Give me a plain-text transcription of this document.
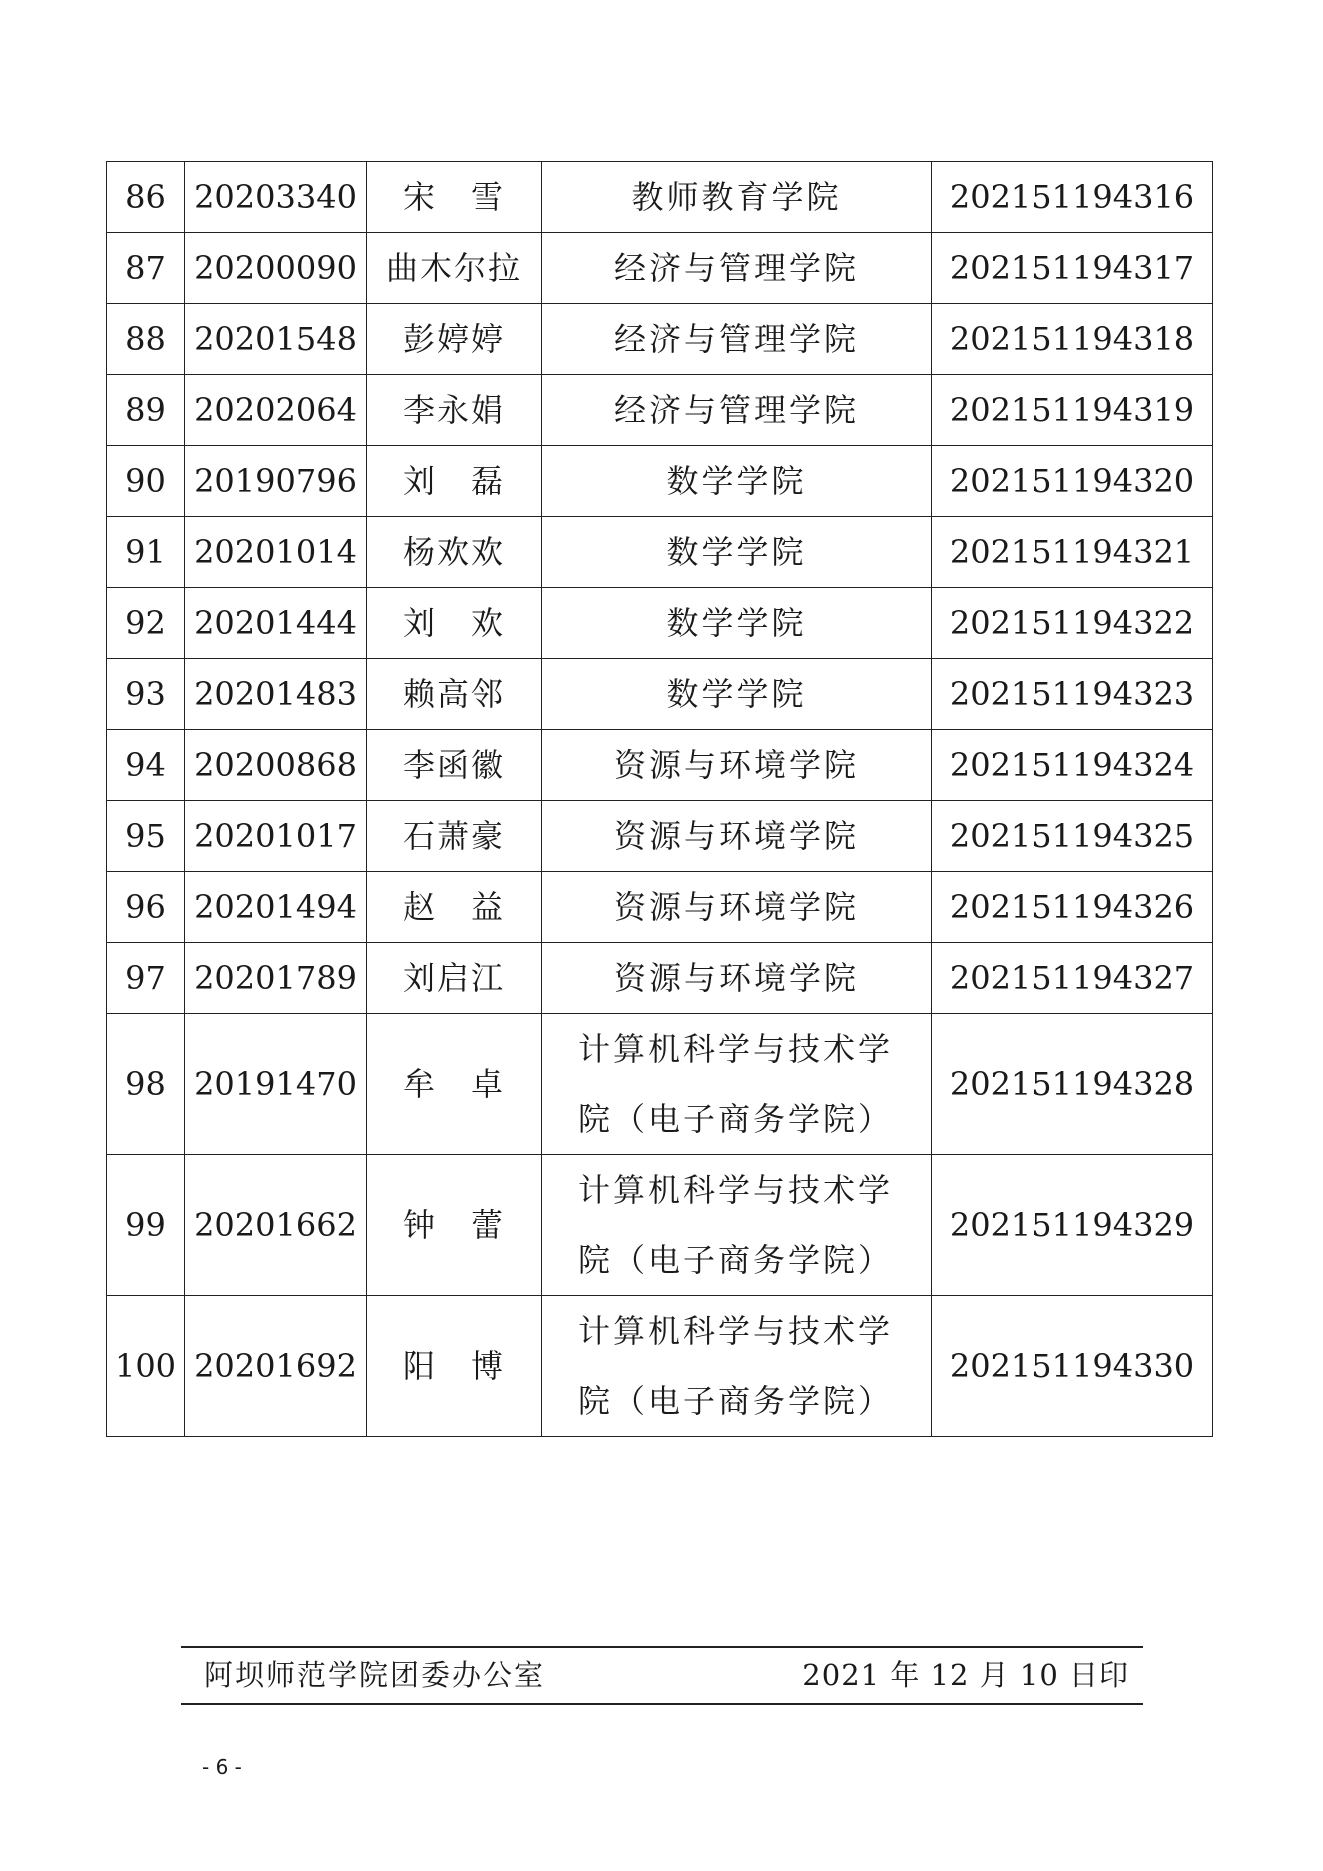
86	20203340	宋　雪	教师教育学院	202151194316
87	20200090	曲木尔拉	经济与管理学院	202151194317
88	20201548	彭婷婷	经济与管理学院	202151194318
89	20202064	李永娟	经济与管理学院	202151194319
90	20190796	刘　磊	数学学院	202151194320
91	20201014	杨欢欢	数学学院	202151194321
92	20201444	刘　欢	数学学院	202151194322
93	20201483	赖高邻	数学学院	202151194323
94	20200868	李函徽	资源与环境学院	202151194324
95	20201017	石萧豪	资源与环境学院	202151194325
96	20201494	赵　益	资源与环境学院	202151194326
97	20201789	刘启江	资源与环境学院	202151194327
98	20191470	牟　卓	计算机科学与技术学院（电子商务学院）	202151194328
99	20201662	钟　蕾	计算机科学与技术学院（电子商务学院）	202151194329
100	20201692	阳　博	计算机科学与技术学院（电子商务学院）	202151194330
阿坝师范学院团委办公室	2021 年 12 月 10 日印
- 6 -
